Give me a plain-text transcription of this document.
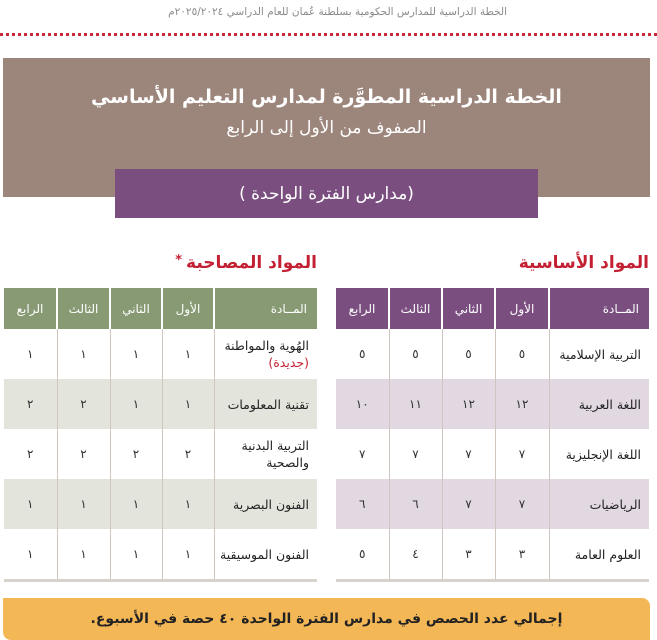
الخطة الدراسية للمدارس الحكومية بسلطنة عُمان للعام الدراسي ٢٠٢٥/٢٠٢٤م
الخطة الدراسية المطوَّرة لمدارس التعليم الأساسي
الصفوف من الأول إلى الرابع
(مدارس الفترة الواحدة )
المواد الأساسية
المواد المصاحبة*
المــادة	الأول	الثاني	الثالث	الرابع
التربية الإسلامية	٥	٥	٥	٥
اللغة العربية	١٢	١٢	١١	١٠
اللغة الإنجليزية	٧	٧	٧	٧
الرياضيات	٧	٧	٦	٦
العلوم العامة	٣	٣	٤	٥
المــادة	الأول	الثاني	الثالث	الرابع
الهُوية والمواطنة
(جديدة)	١	١	١	١
تقنية المعلومات	١	١	٢	٢
التربية البدنية والصحية	٢	٢	٢	٢
الفنون البصرية	١	١	١	١
الفنون الموسيقية	١	١	١	١
إجمالي عدد الحصص في مدارس الفترة الواحدة ٤٠ حصة في الأسبوع.
